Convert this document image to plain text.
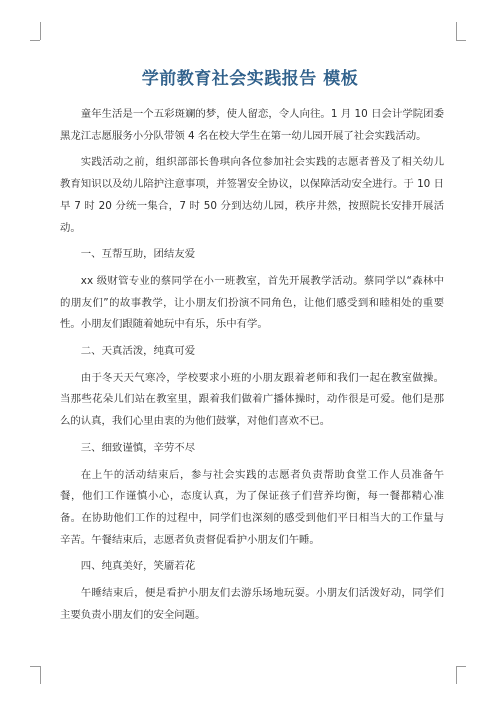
学前教育社会实践报告 模板

童年生活是一个五彩斑斓的梦，使人留恋，令人向往。1 月 10 日会计学院团委黑龙江志愿服务小分队带领 4 名在校大学生在第一幼儿园开展了社会实践活动。

实践活动之前，组织部部长鲁琪向各位参加社会实践的志愿者普及了相关幼儿教育知识以及幼儿陪护注意事项，并签署安全协议，以保障活动安全进行。于 10 日早 7 时 20 分统一集合，7 时 50 分到达幼儿园，秩序井然，按照院长安排开展活动。

一、互帮互助，团结友爱

xx 级财管专业的蔡同学在小一班教室，首先开展教学活动。蔡同学以“森林中的朋友们”的故事教学，让小朋友们扮演不同角色，让他们感受到和睦相处的重要性。小朋友们跟随着她玩中有乐，乐中有学。

二、天真活泼，纯真可爱

由于冬天天气寒冷，学校要求小班的小朋友跟着老师和我们一起在教室做操。当那些花朵儿们站在教室里，跟着我们做着广播体操时，动作很是可爱。他们是那么的认真，我们心里由衷的为他们鼓掌，对他们喜欢不已。

三、细致谨慎，辛劳不尽

在上午的活动结束后，参与社会实践的志愿者负责帮助食堂工作人员准备午餐，他们工作谨慎小心，态度认真，为了保证孩子们营养均衡，每一餐都精心准备。在协助他们工作的过程中，同学们也深刻的感受到他们平日相当大的工作量与辛苦。午餐结束后，志愿者负责督促看护小朋友们午睡。

四、纯真美好，笑靥若花

午睡结束后，便是看护小朋友们去游乐场地玩耍。小朋友们活泼好动，同学们主要负责小朋友们的安全问题。
